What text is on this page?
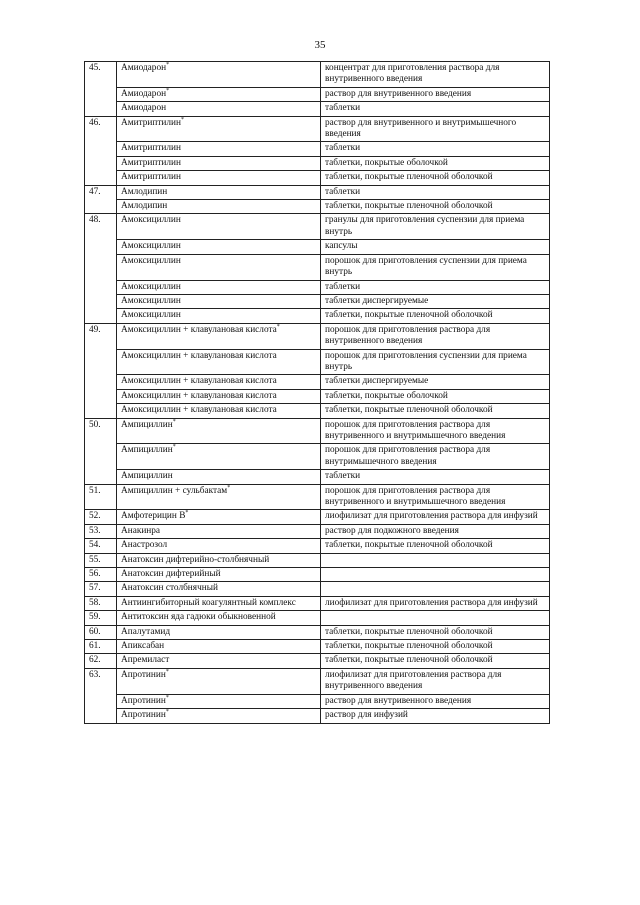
35
45.	Амиодарон*	концентрат для приготовления раствора для внутривенного введения
	Амиодарон*	раствор для внутривенного введения
	Амиодарон	таблетки
46.	Амитриптилин*	раствор для внутривенного и внутримышечного введения
	Амитриптилин	таблетки
	Амитриптилин	таблетки, покрытые оболочкой
	Амитриптилин	таблетки, покрытые пленочной оболочкой
47.	Амлодипин	таблетки
	Амлодипин	таблетки, покрытые пленочной оболочкой
48.	Амоксициллин	гранулы для приготовления суспензии для приема внутрь
	Амоксициллин	капсулы
	Амоксициллин	порошок для приготовления суспензии для приема внутрь
	Амоксициллин	таблетки
	Амоксициллин	таблетки диспергируемые
	Амоксициллин	таблетки, покрытые пленочной оболочкой
49.	Амоксициллин + клавулановая кислота*	порошок для приготовления раствора для внутривенного введения
	Амоксициллин + клавулановая кислота	порошок для приготовления суспензии для приема внутрь
	Амоксициллин + клавулановая кислота	таблетки диспергируемые
	Амоксициллин + клавулановая кислота	таблетки, покрытые оболочкой
	Амоксициллин + клавулановая кислота	таблетки, покрытые пленочной оболочкой
50.	Ампициллин*	порошок для приготовления раствора для внутривенного и внутримышечного введения
	Ампициллин*	порошок для приготовления раствора для внутримышечного введения
	Ампициллин	таблетки
51.	Ампициллин + сульбактам*	порошок для приготовления раствора для внутривенного и внутримышечного введения
52.	Амфотерицин В*	лиофилизат для приготовления раствора для инфузий
53.	Анакинра	раствор для подкожного введения
54.	Анастрозол	таблетки, покрытые пленочной оболочкой
55.	Анатоксин дифтерийно-столбнячный	
56.	Анатоксин дифтерийный	
57.	Анатоксин столбнячный	
58.	Антиингибиторный коагулянтный комплекс	лиофилизат для приготовления раствора для инфузий
59.	Антитоксин яда гадюки обыкновенной	
60.	Апалутамид	таблетки, покрытые пленочной оболочкой
61.	Апиксабан	таблетки, покрытые пленочной оболочкой
62.	Апремиласт	таблетки, покрытые пленочной оболочкой
63.	Апротинин*	лиофилизат для приготовления раствора для внутривенного введения
	Апротинин*	раствор для внутривенного введения
	Апротинин*	раствор для инфузий
